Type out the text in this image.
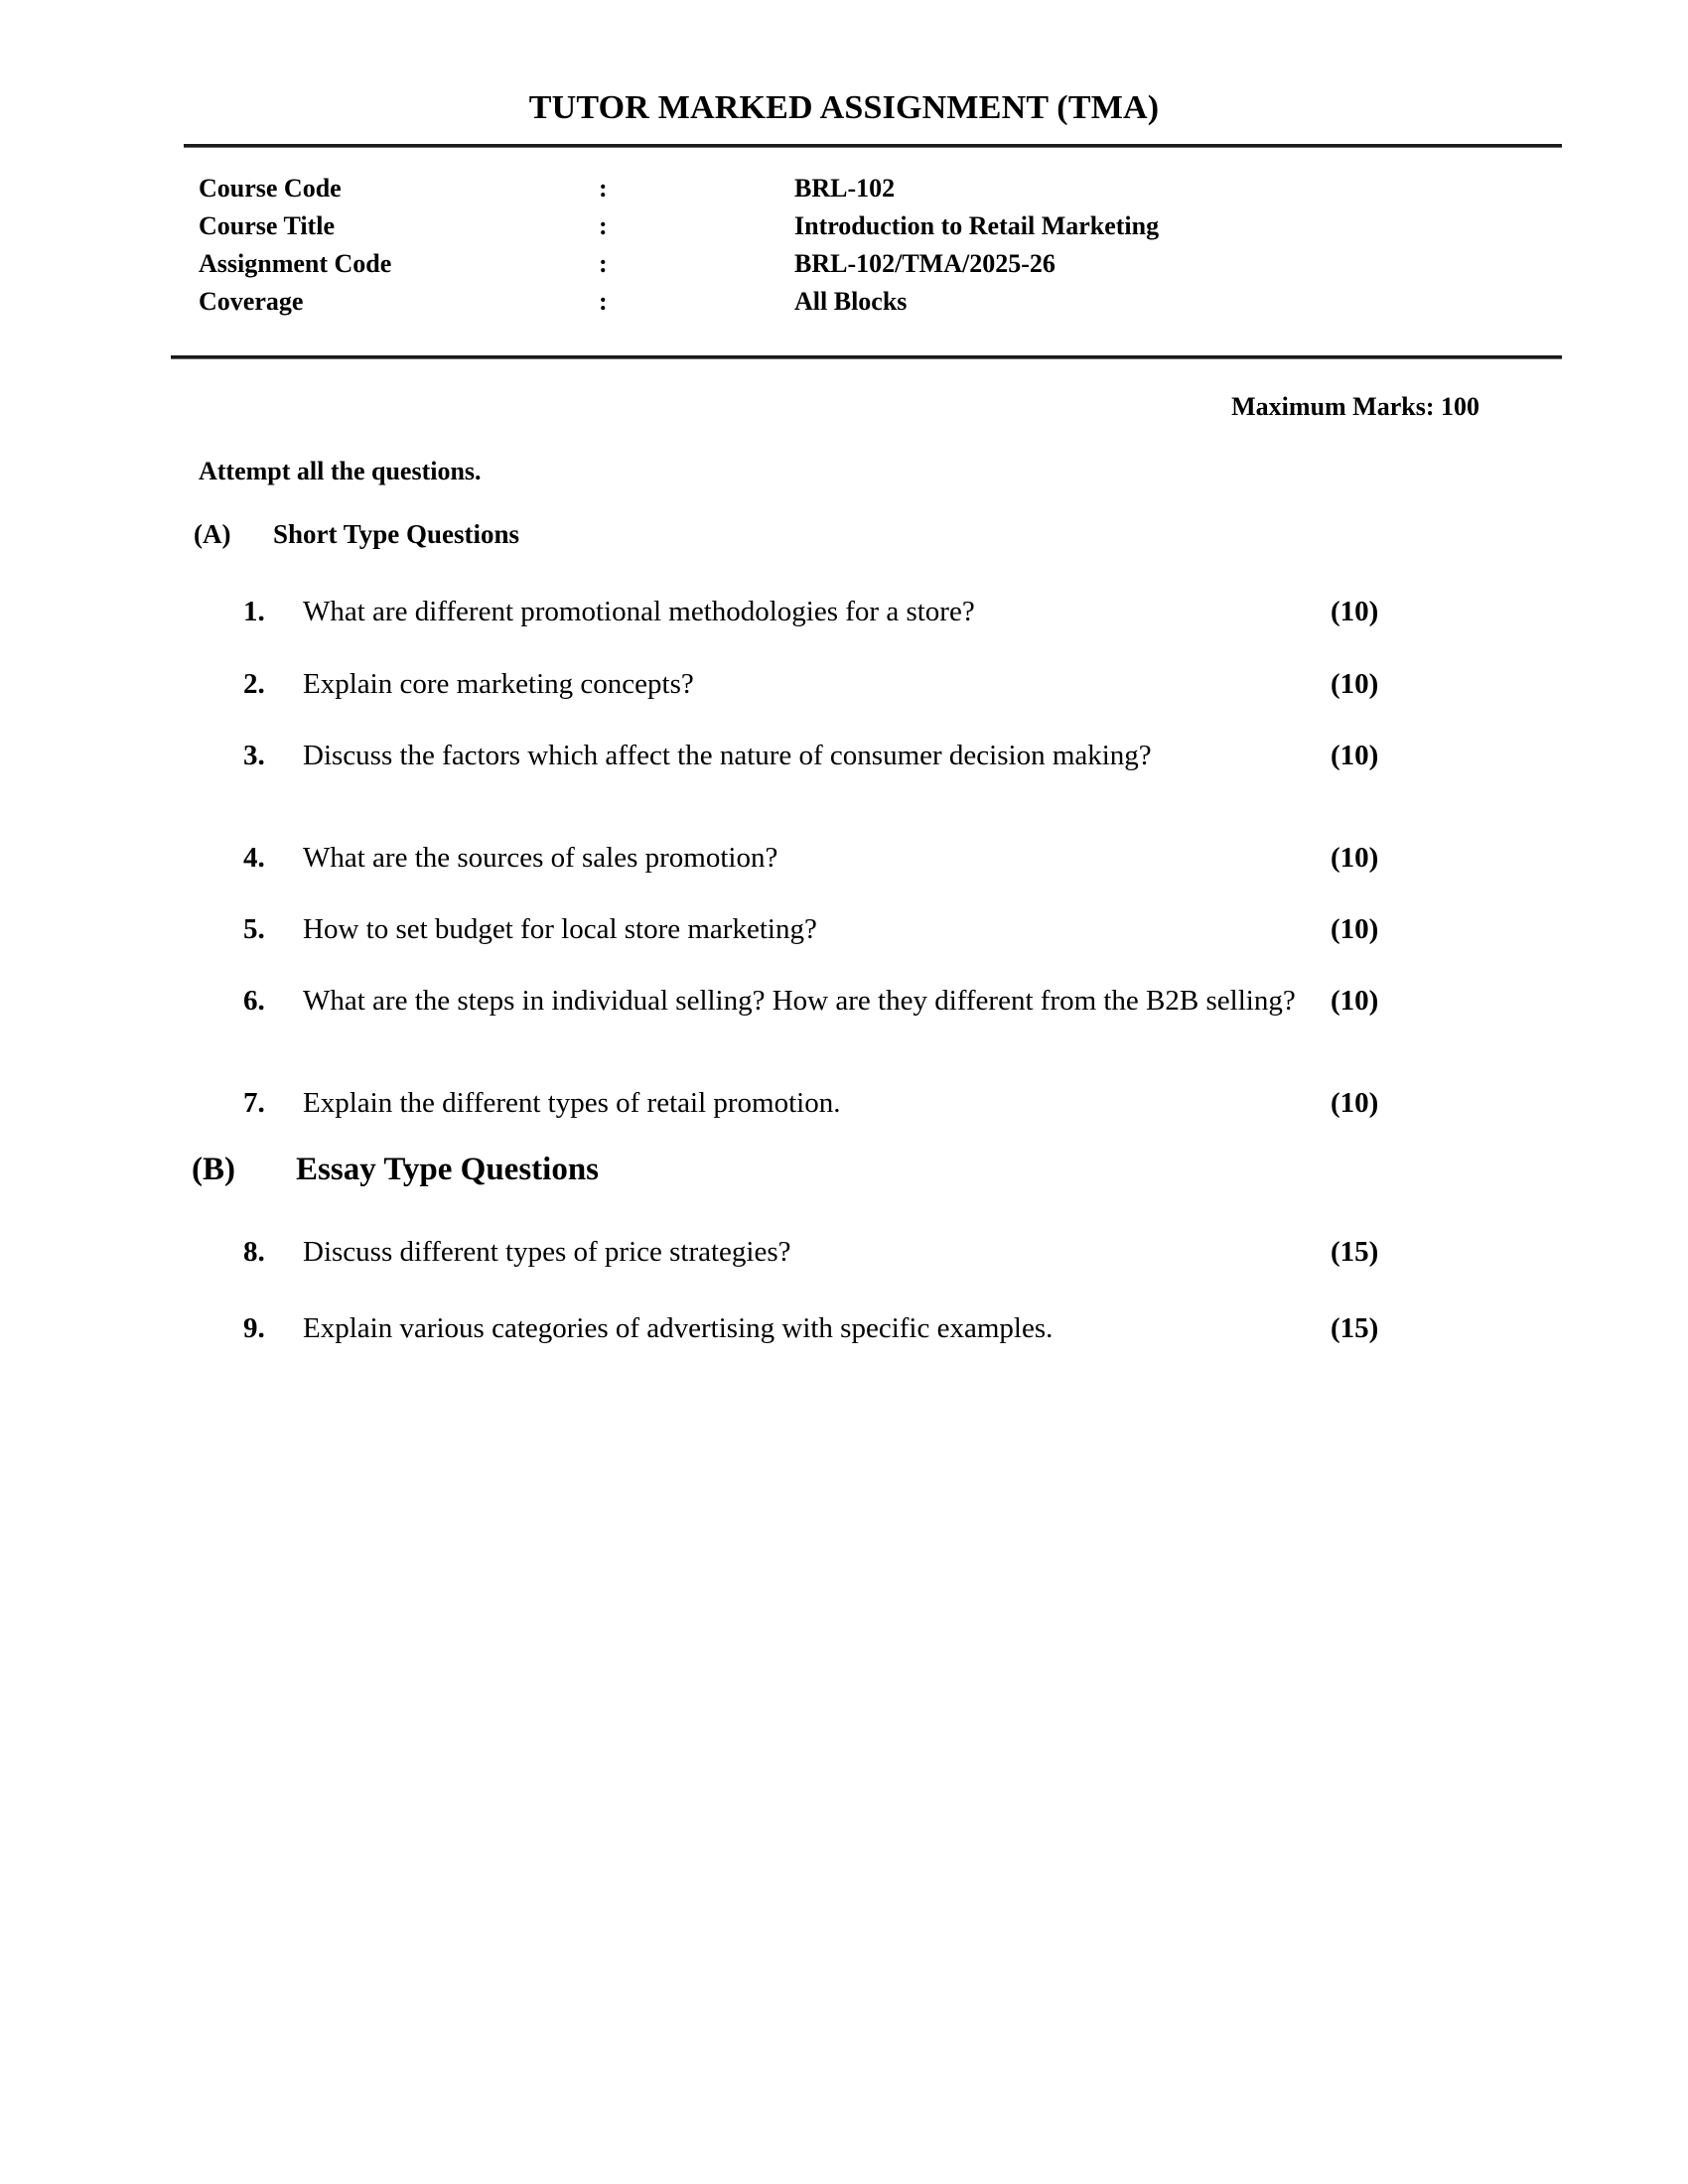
TUTOR MARKED ASSIGNMENT (TMA)
Course Code	:	BRL-102
Course Title	:	Introduction to Retail Marketing
Assignment Code	:	BRL-102/TMA/2025-26
Coverage	:	All Blocks
Maximum Marks: 100
Attempt all the questions.
(A)	Short Type Questions
(B)	Essay Type Questions
1.	What are different promotional methodologies for a store?	(10)
2.	Explain core marketing concepts?	(10)
3.	Discuss the factors which affect the nature of consumer decision making?	(10)
4.	What are the sources of sales promotion?	(10)
5.	How to set budget for local store marketing?	(10)
6.	What are the steps in individual selling? How are they different from the B2B selling?	(10)
7.	Explain the different types of retail promotion.	(10)
8.	Discuss different types of price strategies?	(15)
9.	Explain various categories of advertising with specific examples.	(15)
